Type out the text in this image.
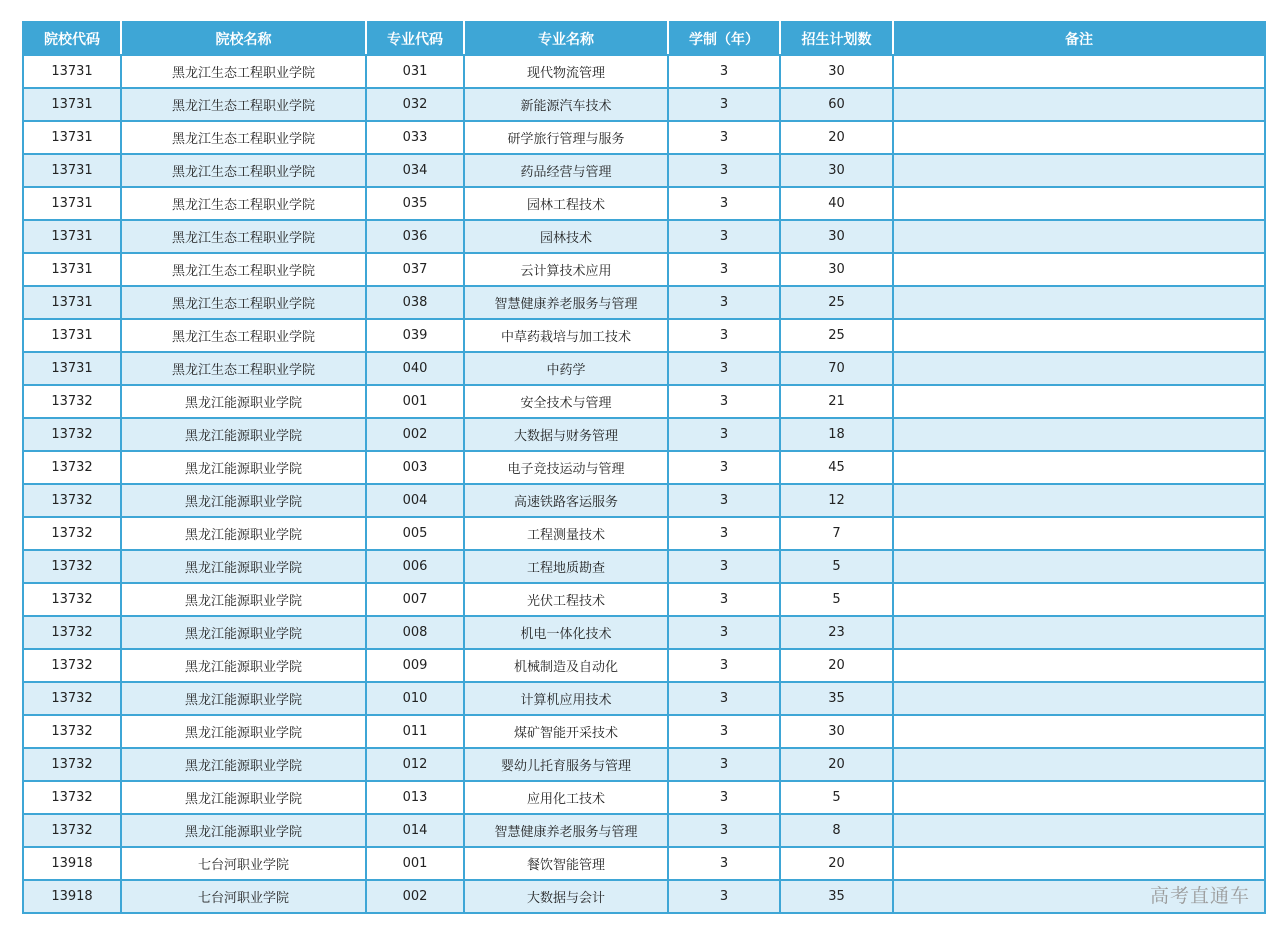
院校代码	院校名称	专业代码	专业名称	学制（年）	招生计划数	备注
13731	黑龙江生态工程职业学院	031	现代物流管理	3	30	
13731	黑龙江生态工程职业学院	032	新能源汽车技术	3	60	
13731	黑龙江生态工程职业学院	033	研学旅行管理与服务	3	20	
13731	黑龙江生态工程职业学院	034	药品经营与管理	3	30	
13731	黑龙江生态工程职业学院	035	园林工程技术	3	40	
13731	黑龙江生态工程职业学院	036	园林技术	3	30	
13731	黑龙江生态工程职业学院	037	云计算技术应用	3	30	
13731	黑龙江生态工程职业学院	038	智慧健康养老服务与管理	3	25	
13731	黑龙江生态工程职业学院	039	中草药栽培与加工技术	3	25	
13731	黑龙江生态工程职业学院	040	中药学	3	70	
13732	黑龙江能源职业学院	001	安全技术与管理	3	21	
13732	黑龙江能源职业学院	002	大数据与财务管理	3	18	
13732	黑龙江能源职业学院	003	电子竞技运动与管理	3	45	
13732	黑龙江能源职业学院	004	高速铁路客运服务	3	12	
13732	黑龙江能源职业学院	005	工程测量技术	3	7	
13732	黑龙江能源职业学院	006	工程地质勘查	3	5	
13732	黑龙江能源职业学院	007	光伏工程技术	3	5	
13732	黑龙江能源职业学院	008	机电一体化技术	3	23	
13732	黑龙江能源职业学院	009	机械制造及自动化	3	20	
13732	黑龙江能源职业学院	010	计算机应用技术	3	35	
13732	黑龙江能源职业学院	011	煤矿智能开采技术	3	30	
13732	黑龙江能源职业学院	012	婴幼儿托育服务与管理	3	20	
13732	黑龙江能源职业学院	013	应用化工技术	3	5	
13732	黑龙江能源职业学院	014	智慧健康养老服务与管理	3	8	
13918	七台河职业学院	001	餐饮智能管理	3	20	
13918	七台河职业学院	002	大数据与会计	3	35		高考直通车
